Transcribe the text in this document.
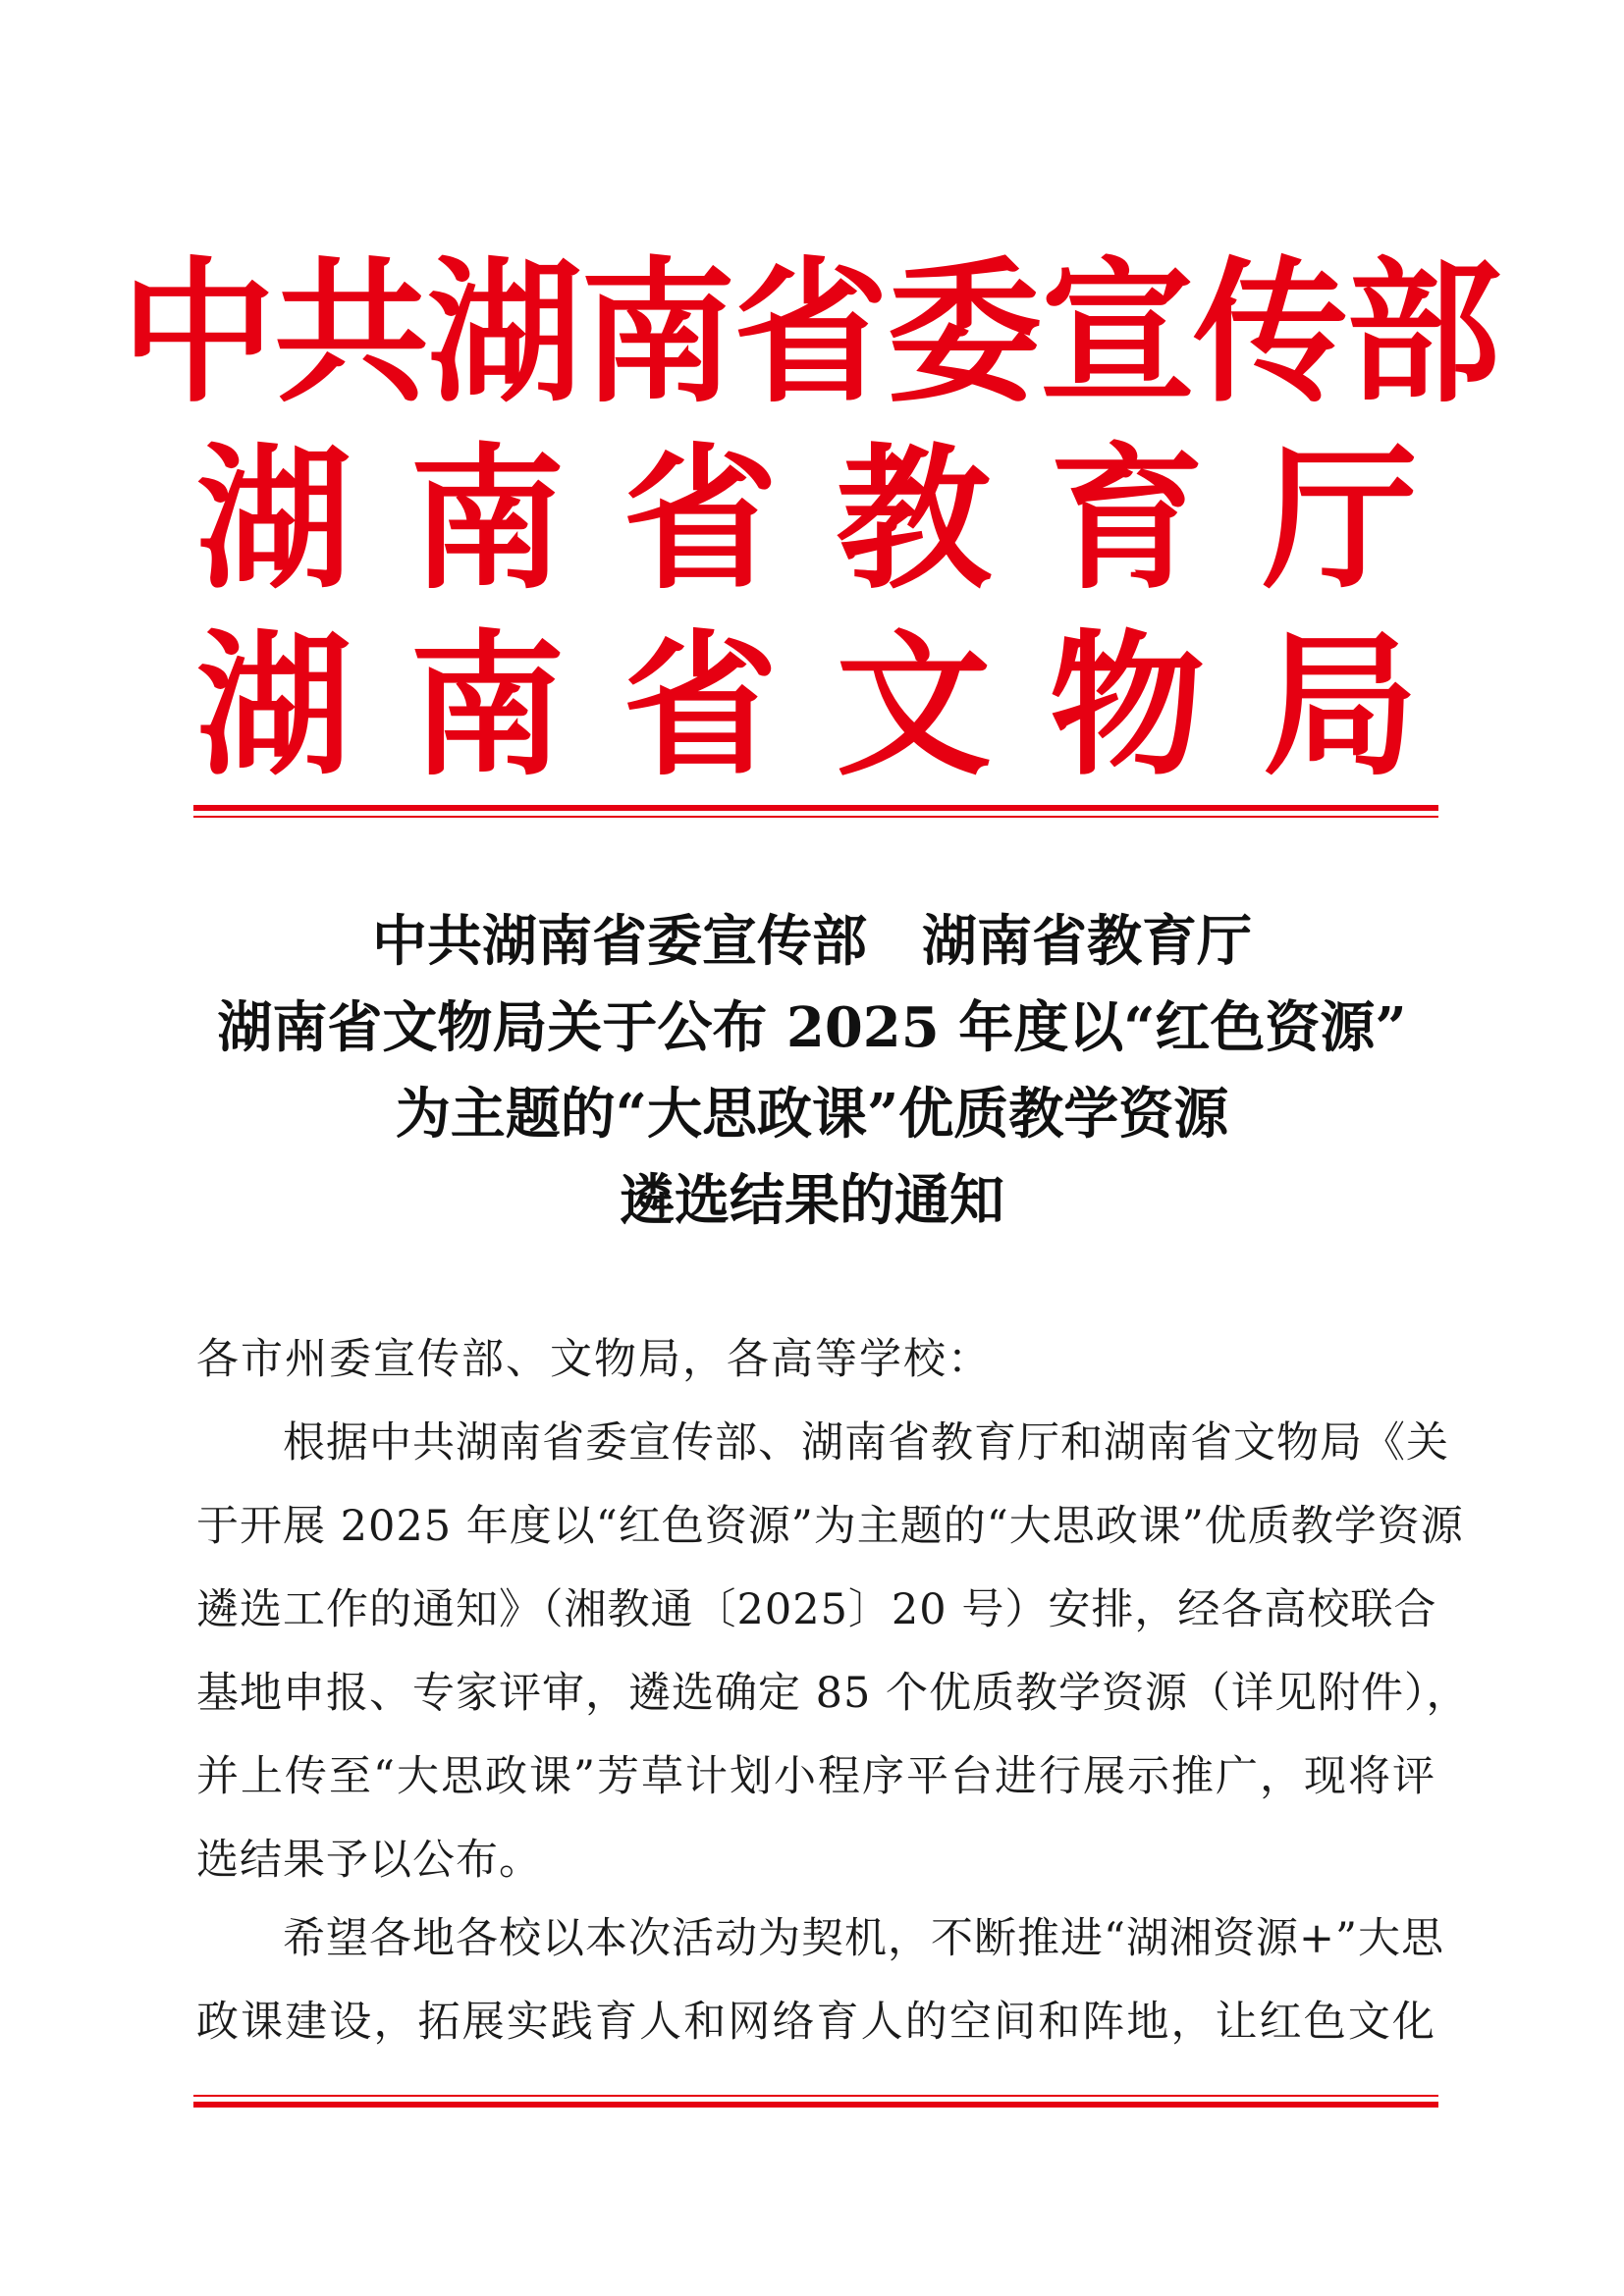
中共湖南省委宣传部
湖 南 省 教 育 厅
湖 南 省 文 物 局
中共湖南省委宣传部　湖南省教育厅
湖南省文物局关于公布 2025 年度以“红色资源”
为主题的“大思政课”优质教学资源
遴选结果的通知
各市州委宣传部、文物局，各高等学校：
　　根据中共湖南省委宣传部、湖南省教育厅和湖南省文物局《关
于开展 2025 年度以“红色资源”为主题的“大思政课”优质教学资源
遴选工作的通知》（湘教通〔2025〕20 号）安排，经各高校联合
基地申报、专家评审，遴选确定 85 个优质教学资源（详见附件），
并上传至“大思政课”芳草计划小程序平台进行展示推广，现将评
选结果予以公布。
　　希望各地各校以本次活动为契机，不断推进“湖湘资源+”大思
政课建设，拓展实践育人和网络育人的空间和阵地，让红色文化
